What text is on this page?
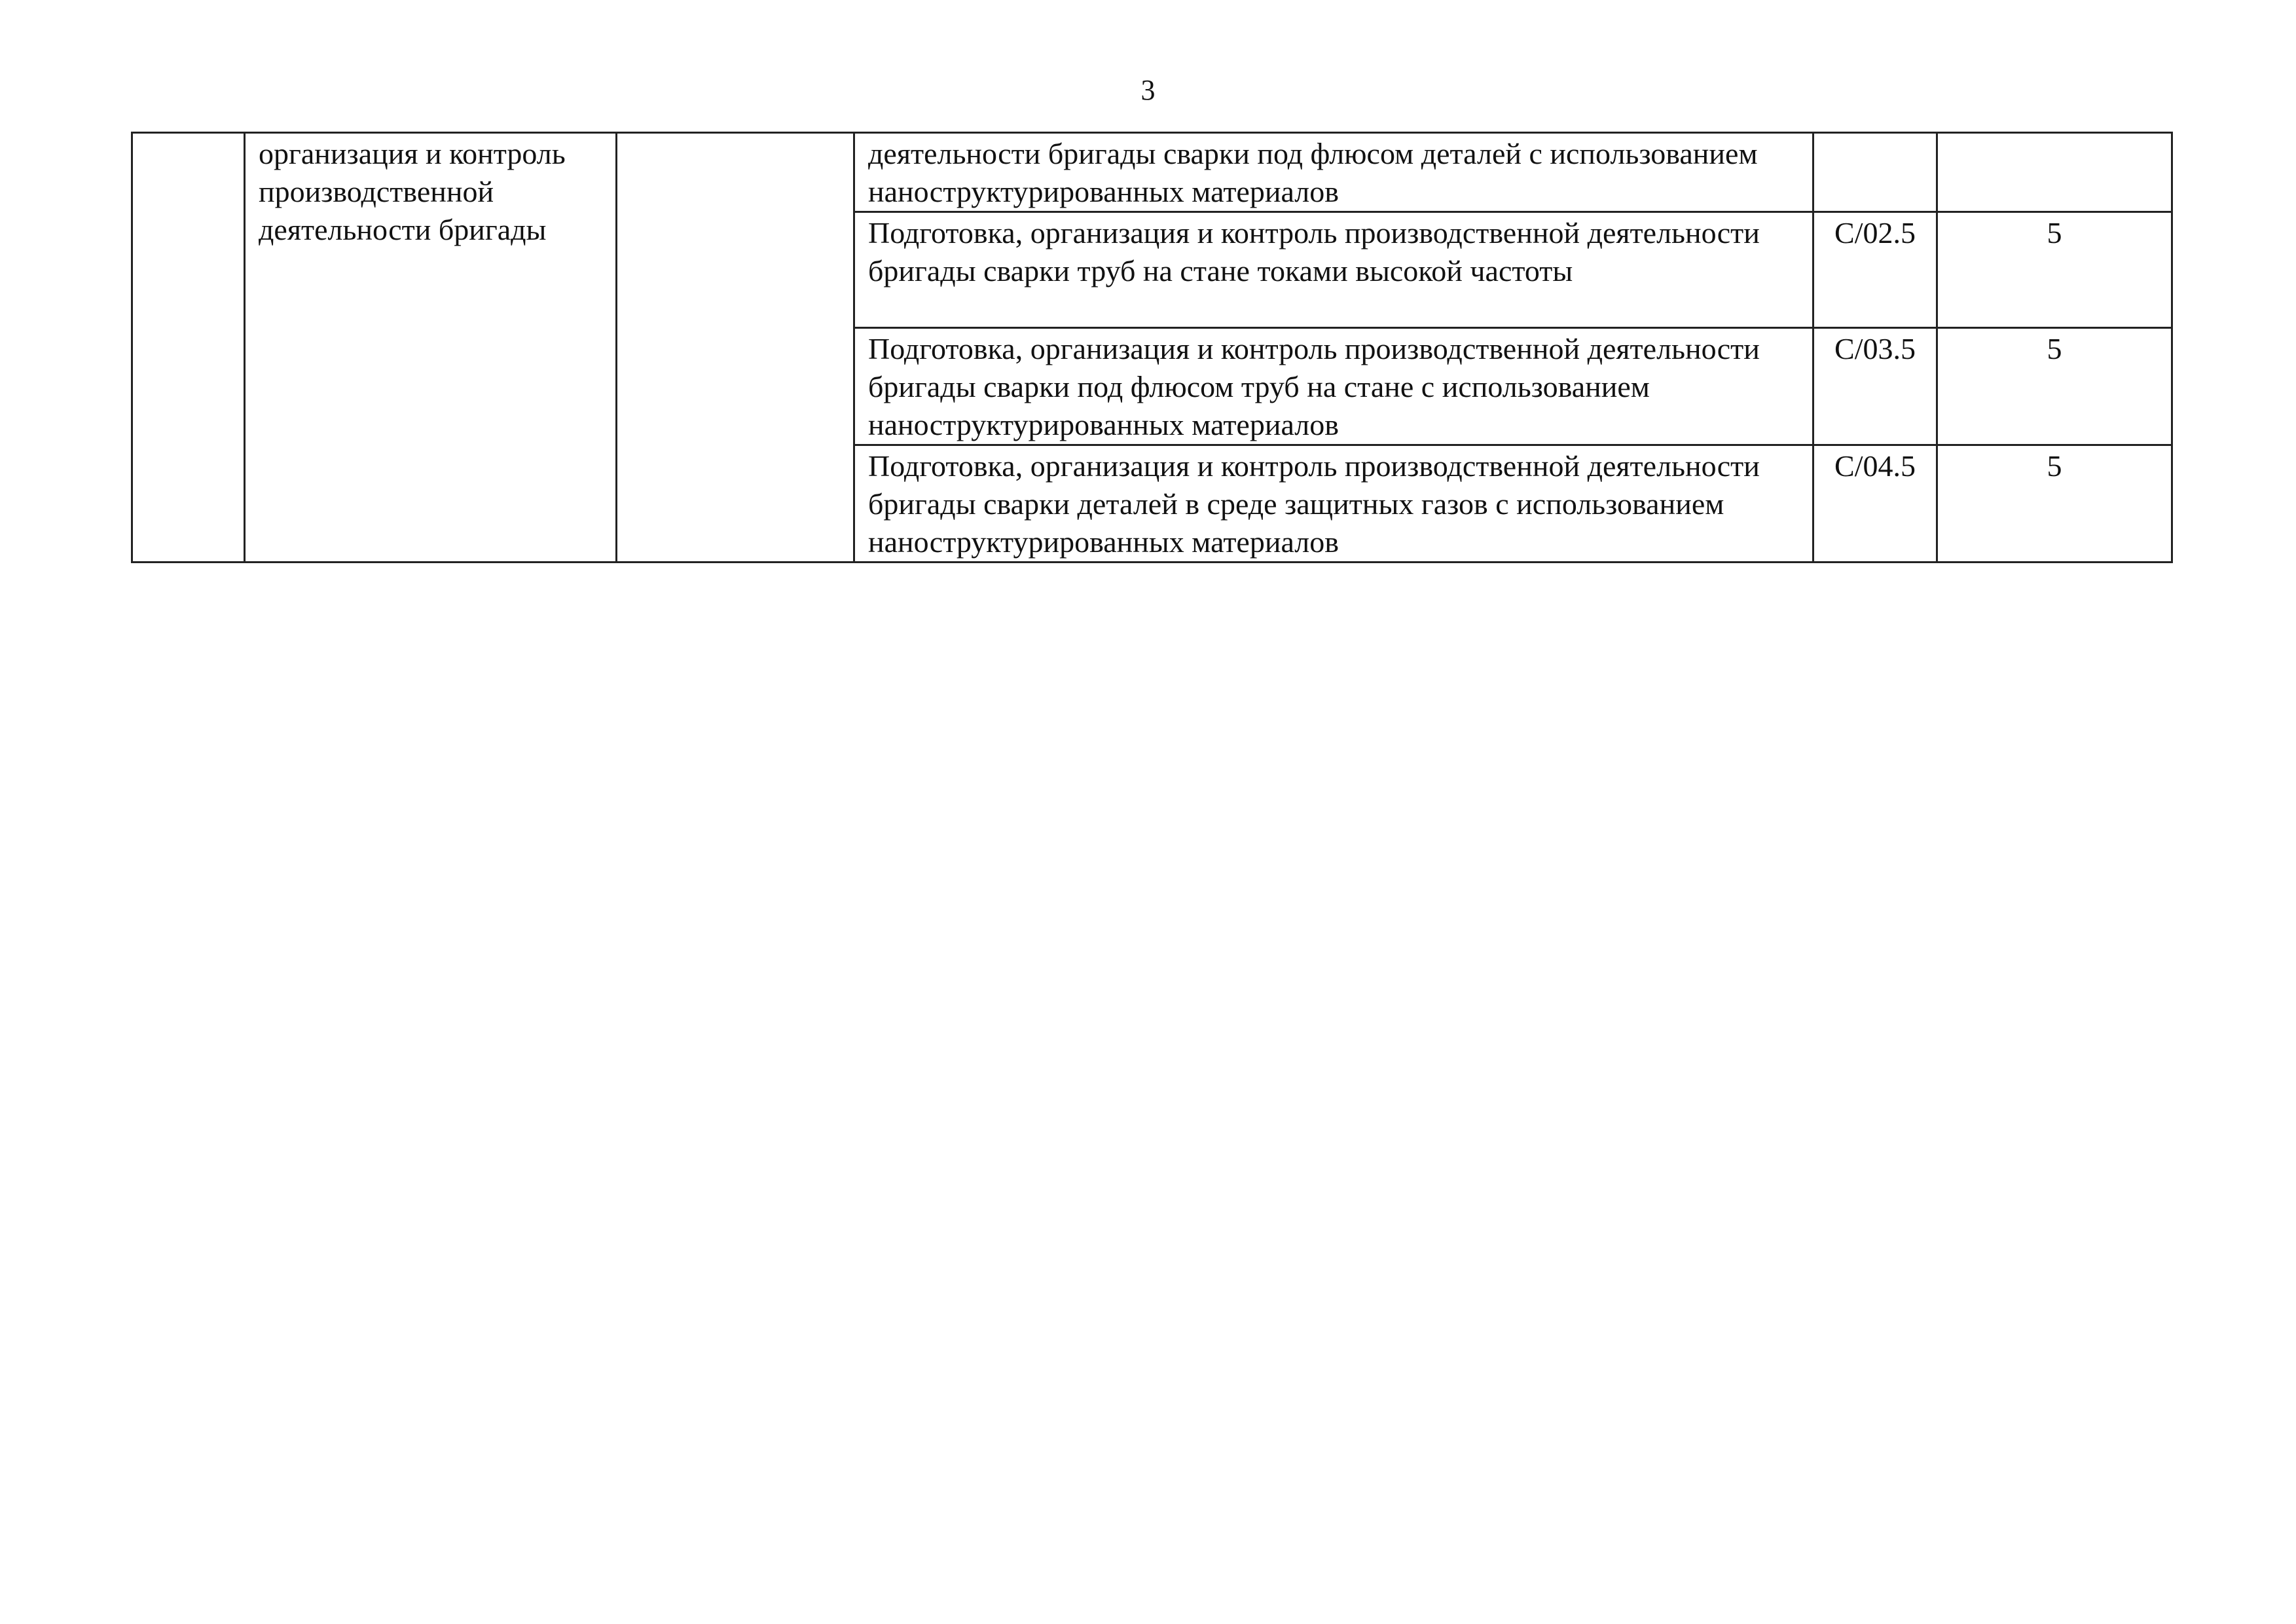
3
	организация и контроль производственной деятельности бригады		деятельности бригады сварки под флюсом деталей с использованием наноструктурированных материалов		
			Подготовка, организация и контроль производственной деятельности бригады сварки труб на стане токами высокой частоты	C/02.5	5
			Подготовка, организация и контроль производственной деятельности бригады сварки под флюсом труб на стане с использованием наноструктурированных материалов	C/03.5	5
			Подготовка, организация и контроль производственной деятельности бригады сварки деталей в среде защитных газов с использованием наноструктурированных материалов	C/04.5	5
